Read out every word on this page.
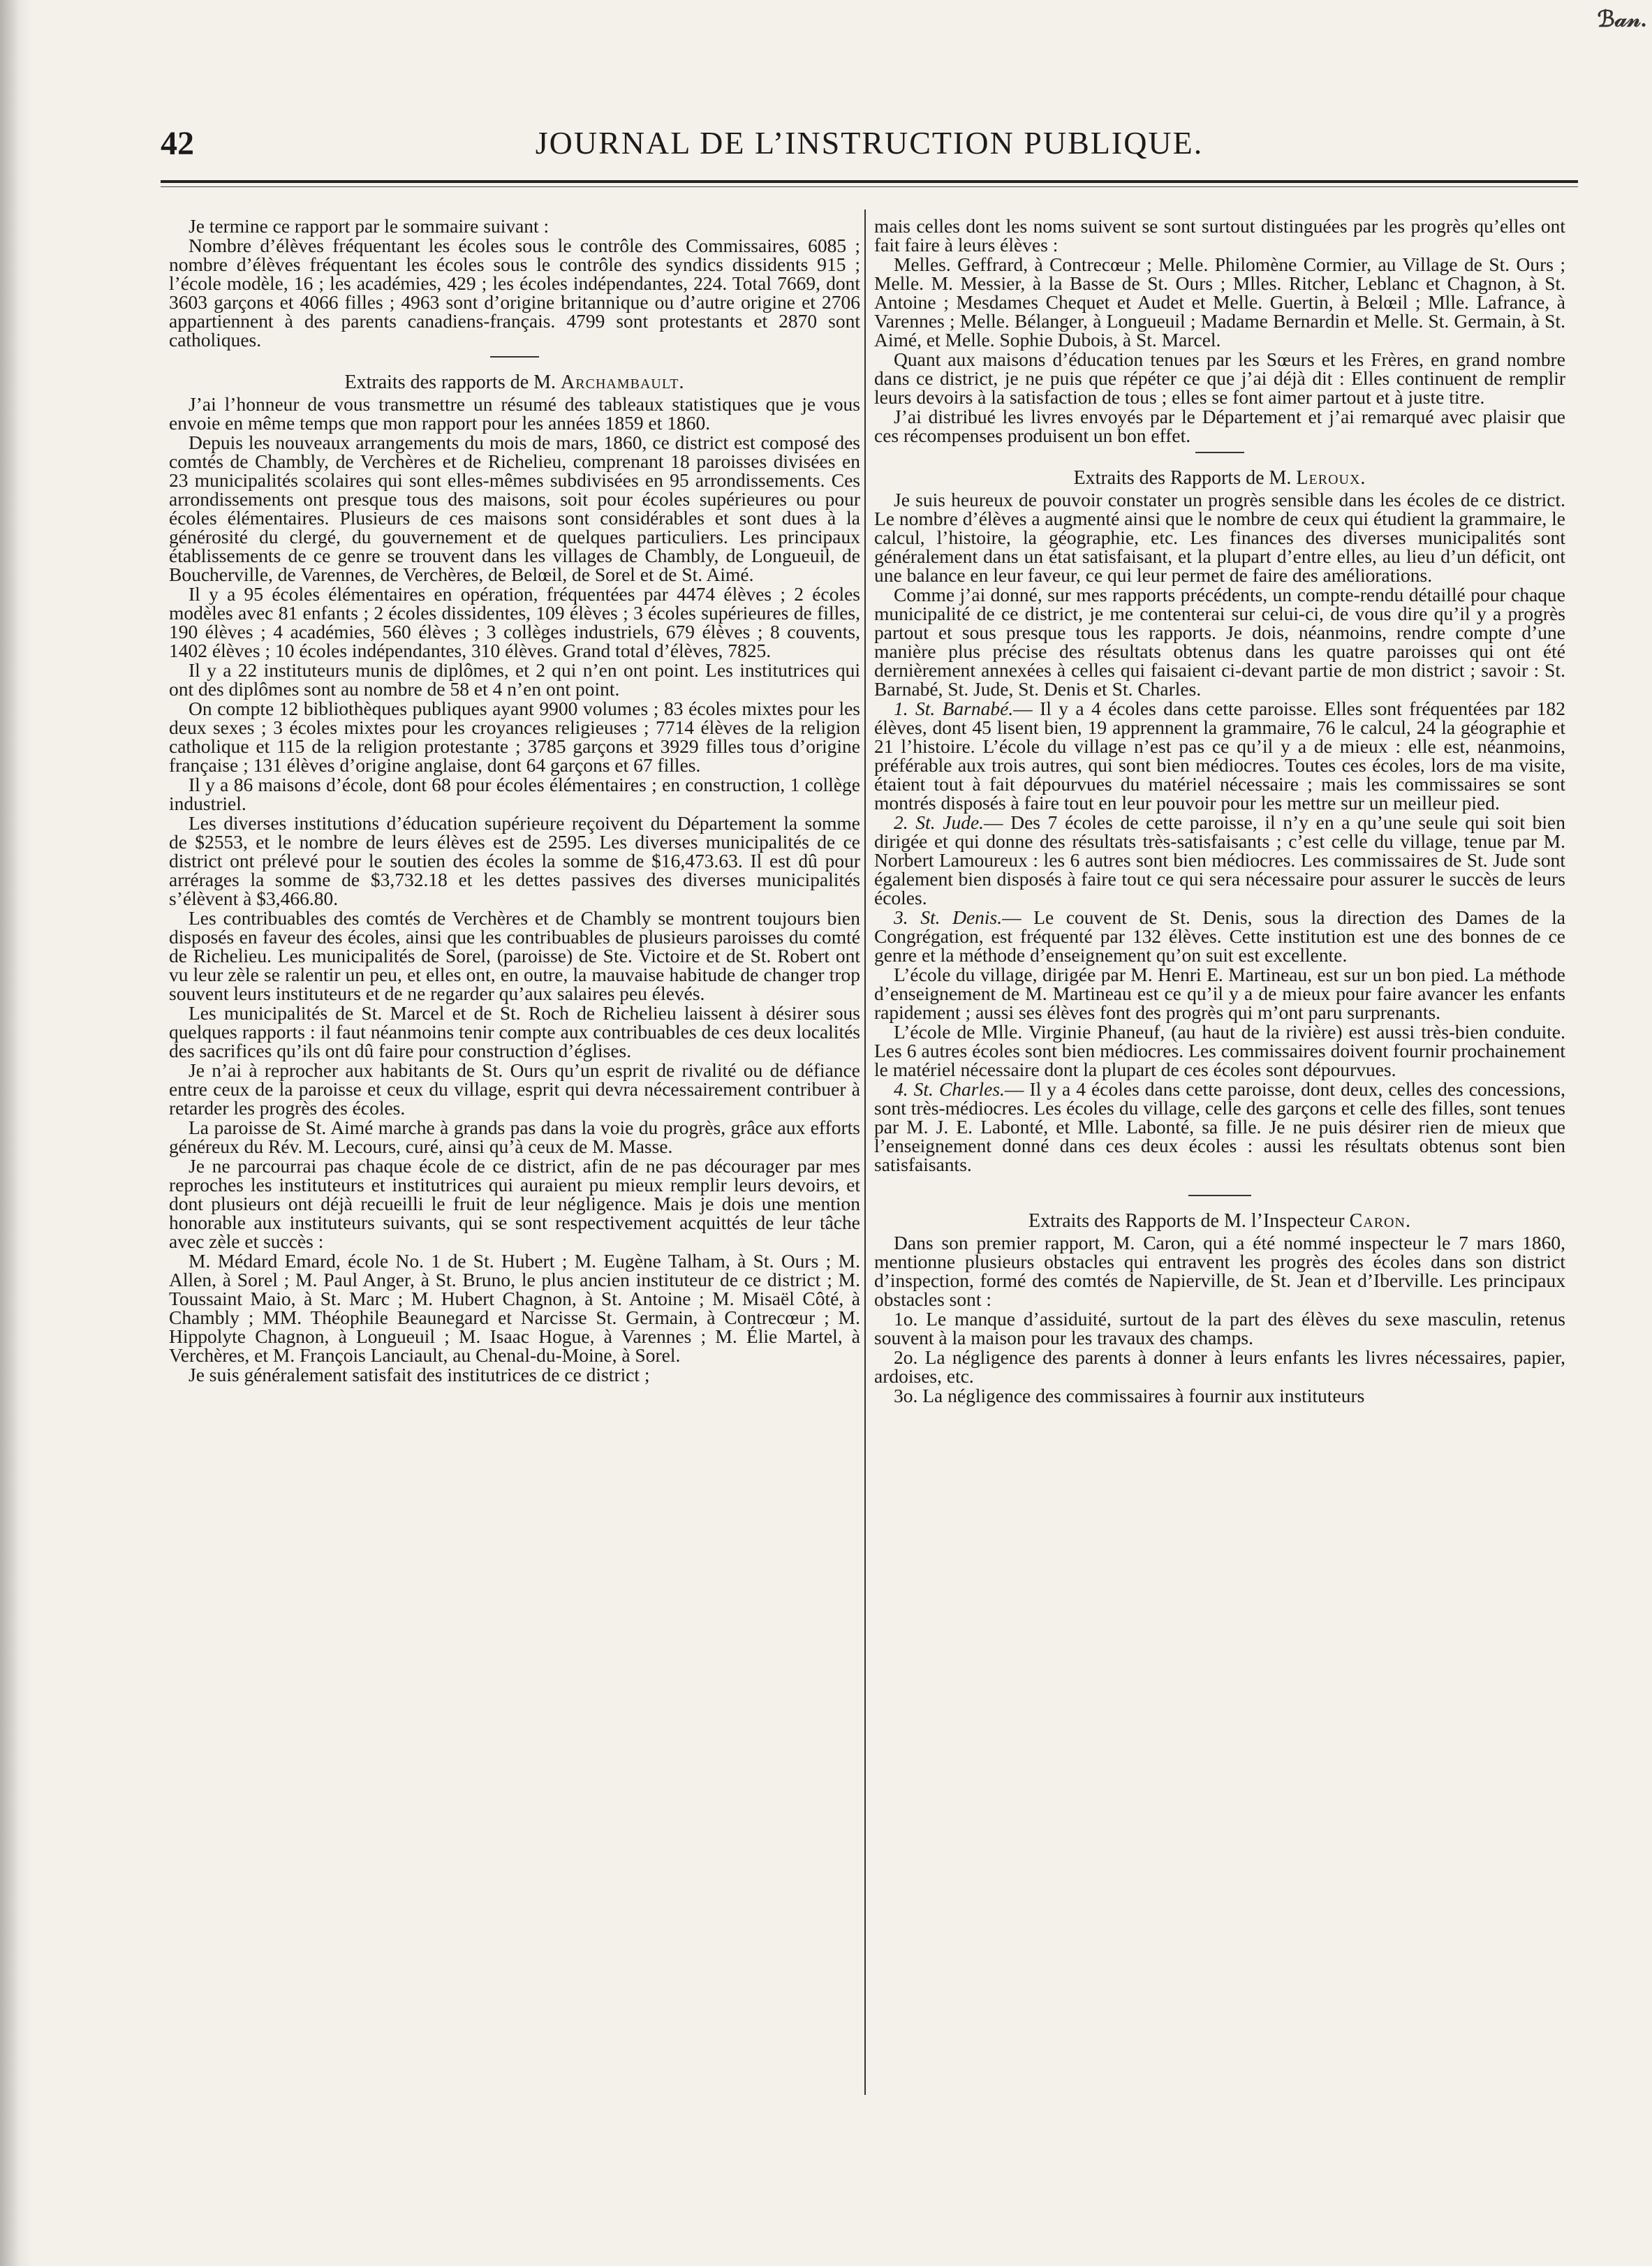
ℬ𝒶𝓃.
42	JOURNAL DE L’INSTRUCTION PUBLIQUE.

Je termine ce rapport par le sommaire suivant :

Nombre d’élèves fréquentant les écoles sous le contrôle des Commissaires, 6085 ; nombre d’élèves fréquentant les écoles sous le contrôle des syndics dissidents 915 ; l’école modèle, 16 ; les académies, 429 ; les écoles indépendantes, 224. Total 7669, dont 3603 garçons et 4066 filles ; 4963 sont d’origine britannique ou d’autre origine et 2706 appartiennent à des parents canadiens-français. 4799 sont protestants et 2870 sont catholiques.

Extraits des rapports de M. Archambault.

J’ai l’honneur de vous transmettre un résumé des tableaux statistiques que je vous envoie en même temps que mon rapport pour les années 1859 et 1860.

Depuis les nouveaux arrangements du mois de mars, 1860, ce district est composé des comtés de Chambly, de Verchères et de Richelieu, comprenant 18 paroisses divisées en 23 municipalités scolaires qui sont elles-mêmes subdivisées en 95 arrondissements. Ces arrondissements ont presque tous des maisons, soit pour écoles supérieures ou pour écoles élémentaires. Plusieurs de ces maisons sont considérables et sont dues à la générosité du clergé, du gouvernement et de quelques particuliers. Les principaux établissements de ce genre se trouvent dans les villages de Chambly, de Longueuil, de Boucherville, de Varennes, de Verchères, de Belœil, de Sorel et de St. Aimé.

Il y a 95 écoles élémentaires en opération, fréquentées par 4474 élèves ; 2 écoles modèles avec 81 enfants ; 2 écoles dissidentes, 109 élèves ; 3 écoles supérieures de filles, 190 élèves ; 4 académies, 560 élèves ; 3 collèges industriels, 679 élèves ; 8 couvents, 1402 élèves ; 10 écoles indépendantes, 310 élèves. Grand total d’élèves, 7825.

Il y a 22 instituteurs munis de diplômes, et 2 qui n’en ont point. Les institutrices qui ont des diplômes sont au nombre de 58 et 4 n’en ont point.

On compte 12 bibliothèques publiques ayant 9900 volumes ; 83 écoles mixtes pour les deux sexes ; 3 écoles mixtes pour les croyances religieuses ; 7714 élèves de la religion catholique et 115 de la religion protestante ; 3785 garçons et 3929 filles tous d’origine française ; 131 élèves d’origine anglaise, dont 64 garçons et 67 filles.

Il y a 86 maisons d’école, dont 68 pour écoles élémentaires ; en construction, 1 collège industriel.

Les diverses institutions d’éducation supérieure reçoivent du Département la somme de $2553, et le nombre de leurs élèves est de 2595. Les diverses municipalités de ce district ont prélevé pour le soutien des écoles la somme de $16,473.63. Il est dû pour arrérages la somme de $3,732.18 et les dettes passives des diverses municipalités s’élèvent à $3,466.80.

Les contribuables des comtés de Verchères et de Chambly se montrent toujours bien disposés en faveur des écoles, ainsi que les contribuables de plusieurs paroisses du comté de Richelieu. Les municipalités de Sorel, (paroisse) de Ste. Victoire et de St. Robert ont vu leur zèle se ralentir un peu, et elles ont, en outre, la mauvaise habitude de changer trop souvent leurs instituteurs et de ne regarder qu’aux salaires peu élevés.

Les municipalités de St. Marcel et de St. Roch de Richelieu laissent à désirer sous quelques rapports : il faut néanmoins tenir compte aux contribuables de ces deux localités des sacrifices qu’ils ont dû faire pour construction d’églises.

Je n’ai à reprocher aux habitants de St. Ours qu’un esprit de rivalité ou de défiance entre ceux de la paroisse et ceux du village, esprit qui devra nécessairement contribuer à retarder les progrès des écoles.

La paroisse de St. Aimé marche à grands pas dans la voie du progrès, grâce aux efforts généreux du Rév. M. Lecours, curé, ainsi qu’à ceux de M. Masse.

Je ne parcourrai pas chaque école de ce district, afin de ne pas décourager par mes reproches les instituteurs et institutrices qui auraient pu mieux remplir leurs devoirs, et dont plusieurs ont déjà recueilli le fruit de leur négligence. Mais je dois une mention honorable aux instituteurs suivants, qui se sont respectivement acquittés de leur tâche avec zèle et succès :

M. Médard Emard, école No. 1 de St. Hubert ; M. Eugène Talham, à St. Ours ; M. Allen, à Sorel ; M. Paul Anger, à St. Bruno, le plus ancien instituteur de ce district ; M. Toussaint Maio, à St. Marc ; M. Hubert Chagnon, à St. Antoine ; M. Misaël Côté, à Chambly ; MM. Théophile Beaunegard et Narcisse St. Germain, à Contrecœur ; M. Hippolyte Chagnon, à Longueuil ; M. Isaac Hogue, à Varennes ; M. Élie Martel, à Verchères, et M. François Lanciault, au Chenal-du-Moine, à Sorel.

Je suis généralement satisfait des institutrices de ce district ;

mais celles dont les noms suivent se sont surtout distinguées par les progrès qu’elles ont fait faire à leurs élèves :

Melles. Geffrard, à Contrecœur ; Melle. Philomène Cormier, au Village de St. Ours ; Melle. M. Messier, à la Basse de St. Ours ; Mlles. Ritcher, Leblanc et Chagnon, à St. Antoine ; Mesdames Chequet et Audet et Melle. Guertin, à Belœil ; Mlle. Lafrance, à Varennes ; Melle. Bélanger, à Longueuil ; Madame Bernardin et Melle. St. Germain, à St. Aimé, et Melle. Sophie Dubois, à St. Marcel.

Quant aux maisons d’éducation tenues par les Sœurs et les Frères, en grand nombre dans ce district, je ne puis que répéter ce que j’ai déjà dit : Elles continuent de remplir leurs devoirs à la satisfaction de tous ; elles se font aimer partout et à juste titre.

J’ai distribué les livres envoyés par le Département et j’ai remarqué avec plaisir que ces récompenses produisent un bon effet.

Extraits des Rapports de M. Leroux.

Je suis heureux de pouvoir constater un progrès sensible dans les écoles de ce district. Le nombre d’élèves a augmenté ainsi que le nombre de ceux qui étudient la grammaire, le calcul, l’histoire, la géographie, etc. Les finances des diverses municipalités sont généralement dans un état satisfaisant, et la plupart d’entre elles, au lieu d’un déficit, ont une balance en leur faveur, ce qui leur permet de faire des améliorations.

Comme j’ai donné, sur mes rapports précédents, un compte-rendu détaillé pour chaque municipalité de ce district, je me contenterai sur celui-ci, de vous dire qu’il y a progrès partout et sous presque tous les rapports. Je dois, néanmoins, rendre compte d’une manière plus précise des résultats obtenus dans les quatre paroisses qui ont été dernièrement annexées à celles qui faisaient ci-devant partie de mon district ; savoir : St. Barnabé, St. Jude, St. Denis et St. Charles.

1. St. Barnabé.— Il y a 4 écoles dans cette paroisse. Elles sont fréquentées par 182 élèves, dont 45 lisent bien, 19 apprennent la grammaire, 76 le calcul, 24 la géographie et 21 l’histoire. L’école du village n’est pas ce qu’il y a de mieux : elle est, néanmoins, préférable aux trois autres, qui sont bien médiocres. Toutes ces écoles, lors de ma visite, étaient tout à fait dépourvues du matériel nécessaire ; mais les commissaires se sont montrés disposés à faire tout en leur pouvoir pour les mettre sur un meilleur pied.

2. St. Jude.— Des 7 écoles de cette paroisse, il n’y en a qu’une seule qui soit bien dirigée et qui donne des résultats très-satisfaisants ; c’est celle du village, tenue par M. Norbert Lamoureux : les 6 autres sont bien médiocres. Les commissaires de St. Jude sont également bien disposés à faire tout ce qui sera nécessaire pour assurer le succès de leurs écoles.

3. St. Denis.— Le couvent de St. Denis, sous la direction des Dames de la Congrégation, est fréquenté par 132 élèves. Cette institution est une des bonnes de ce genre et la méthode d’enseignement qu’on suit est excellente.

L’école du village, dirigée par M. Henri E. Martineau, est sur un bon pied. La méthode d’enseignement de M. Martineau est ce qu’il y a de mieux pour faire avancer les enfants rapidement ; aussi ses élèves font des progrès qui m’ont paru surprenants.

L’école de Mlle. Virginie Phaneuf, (au haut de la rivière) est aussi très-bien conduite. Les 6 autres écoles sont bien médiocres. Les commissaires doivent fournir prochainement le matériel nécessaire dont la plupart de ces écoles sont dépourvues.

4. St. Charles.— Il y a 4 écoles dans cette paroisse, dont deux, celles des concessions, sont très-médiocres. Les écoles du village, celle des garçons et celle des filles, sont tenues par M. J. E. Labonté, et Mlle. Labonté, sa fille. Je ne puis désirer rien de mieux que l’enseignement donné dans ces deux écoles : aussi les résultats obtenus sont bien satisfaisants.

Extraits des Rapports de M. l’Inspecteur Caron.

Dans son premier rapport, M. Caron, qui a été nommé inspecteur le 7 mars 1860, mentionne plusieurs obstacles qui entravent les progrès des écoles dans son district d’inspection, formé des comtés de Napierville, de St. Jean et d’Iberville. Les principaux obstacles sont :

1o. Le manque d’assiduité, surtout de la part des élèves du sexe masculin, retenus souvent à la maison pour les travaux des champs.

2o. La négligence des parents à donner à leurs enfants les livres nécessaires, papier, ardoises, etc.

3o. La négligence des commissaires à fournir aux instituteurs
